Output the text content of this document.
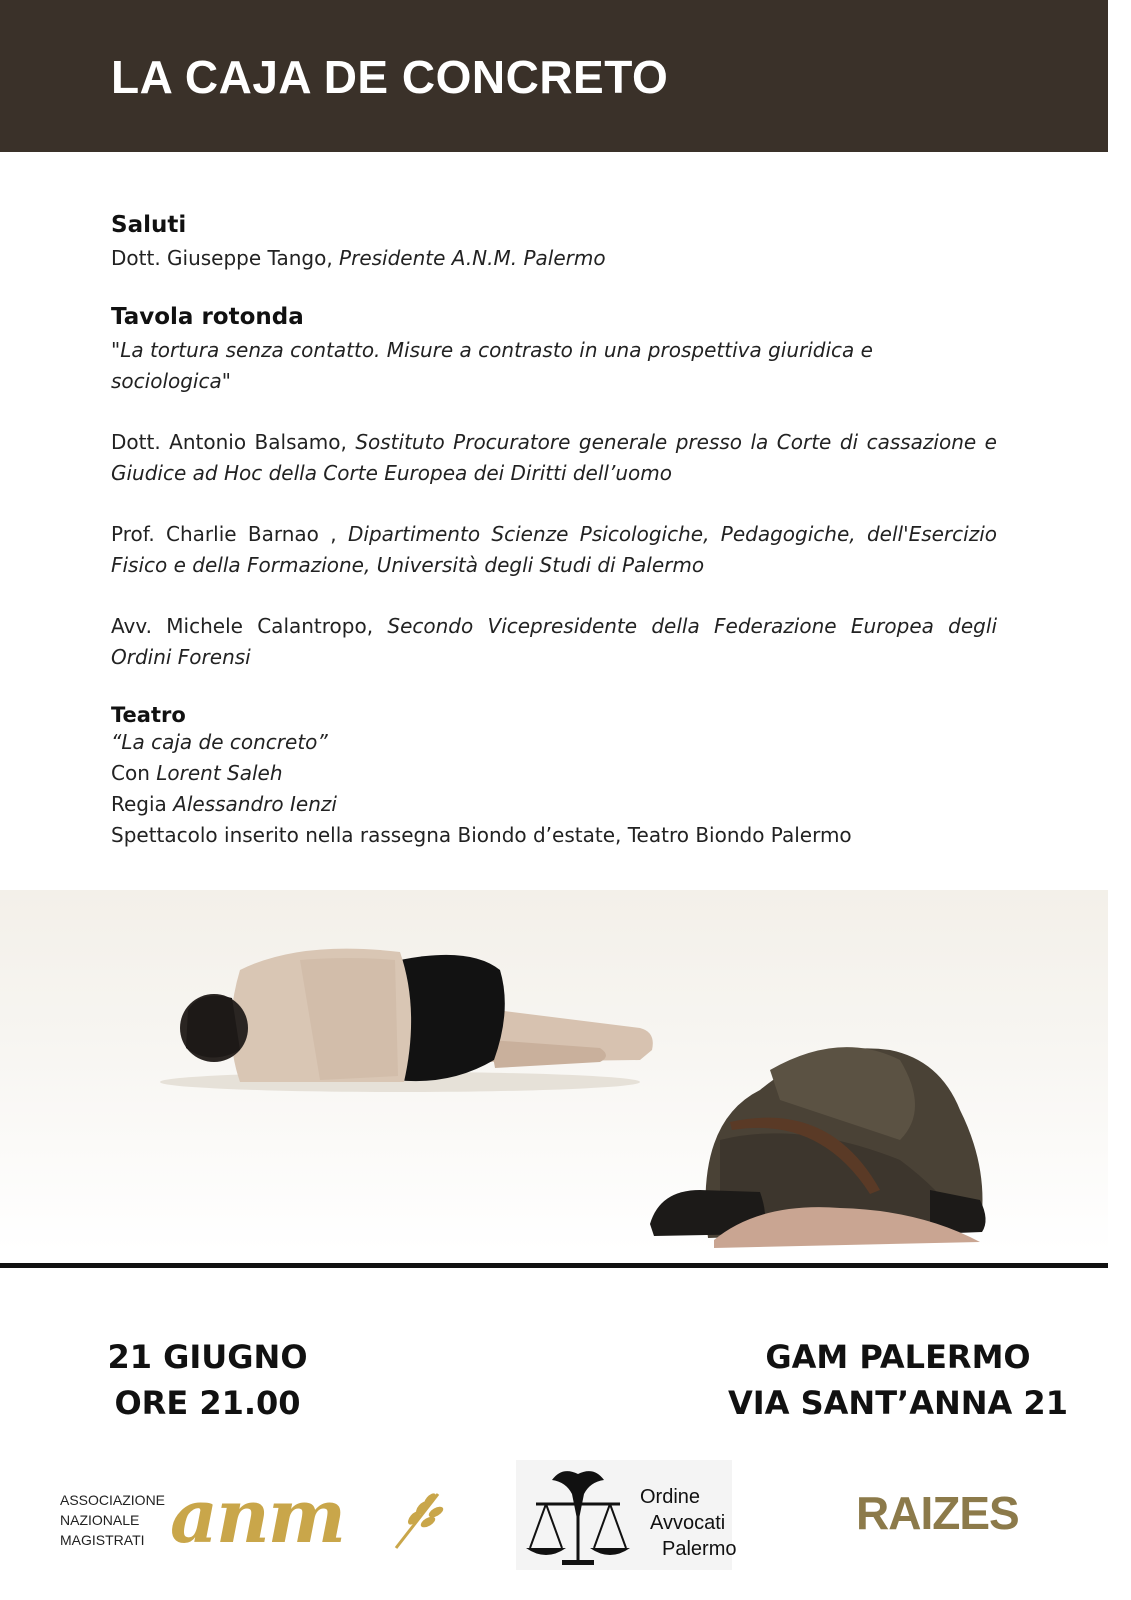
LA CAJA DE CONCRETO
Saluti
Dott. Giuseppe Tango, Presidente A.N.M. Palermo
Tavola rotonda
"La tortura senza contatto. Misure a contrasto in una prospettiva giuridica e sociologica"
Dott. Antonio Balsamo, Sostituto Procuratore generale presso la Corte di cassazione e Giudice ad Hoc della Corte Europea dei Diritti dell’uomo
Prof. Charlie Barnao , Dipartimento Scienze Psicologiche, Pedagogiche, dell'Esercizio Fisico e della Formazione, Università degli Studi di Palermo
Avv. Michele Calantropo, Secondo Vicepresidente della Federazione Europea degli Ordini Forensi
Teatro
“La caja de concreto”
Con Lorent Saleh
Regia Alessandro Ienzi
Spettacolo inserito nella rassegna Biondo d’estate, Teatro Biondo Palermo
21 GIUGNO
ORE 21.00
GAM PALERMO
VIA SANT’ANNA 21
ASSOCIAZIONE
NAZIONALE
MAGISTRATI anm	Ordine
Avvocati
Palermo
RAIZES
